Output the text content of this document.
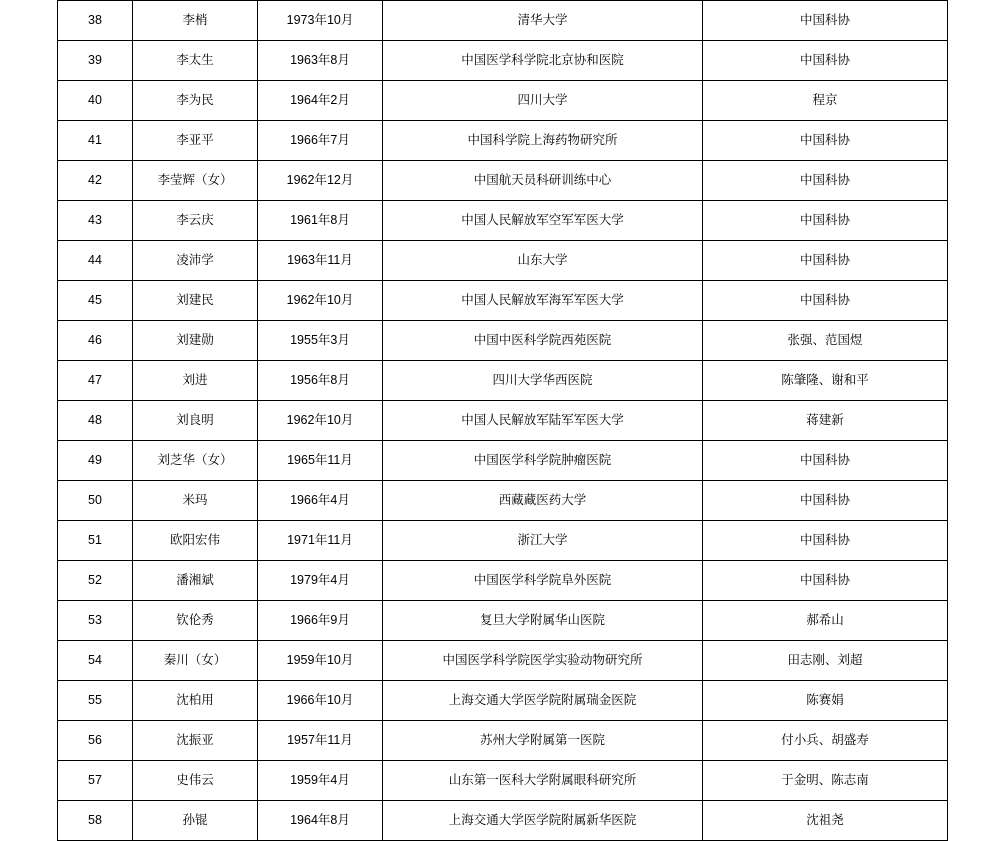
38	李梢	1973年10月	清华大学	中国科协
39	李太生	1963年8月	中国医学科学院北京协和医院	中国科协
40	李为民	1964年2月	四川大学	程京
41	李亚平	1966年7月	中国科学院上海药物研究所	中国科协
42	李莹辉（女）	1962年12月	中国航天员科研训练中心	中国科协
43	李云庆	1961年8月	中国人民解放军空军军医大学	中国科协
44	凌沛学	1963年11月	山东大学	中国科协
45	刘建民	1962年10月	中国人民解放军海军军医大学	中国科协
46	刘建勋	1955年3月	中国中医科学院西苑医院	张强、范国煜
47	刘进	1956年8月	四川大学华西医院	陈肇隆、谢和平
48	刘良明	1962年10月	中国人民解放军陆军军医大学	蒋建新
49	刘芝华（女）	1965年11月	中国医学科学院肿瘤医院	中国科协
50	米玛	1966年4月	西藏藏医药大学	中国科协
51	欧阳宏伟	1971年11月	浙江大学	中国科协
52	潘湘斌	1979年4月	中国医学科学院阜外医院	中国科协
53	钦伦秀	1966年9月	复旦大学附属华山医院	郝希山
54	秦川（女）	1959年10月	中国医学科学院医学实验动物研究所	田志刚、刘超
55	沈柏用	1966年10月	上海交通大学医学院附属瑞金医院	陈赛娟
56	沈振亚	1957年11月	苏州大学附属第一医院	付小兵、胡盛寿
57	史伟云	1959年4月	山东第一医科大学附属眼科研究所	于金明、陈志南
58	孙锟	1964年8月	上海交通大学医学院附属新华医院	沈祖尧
